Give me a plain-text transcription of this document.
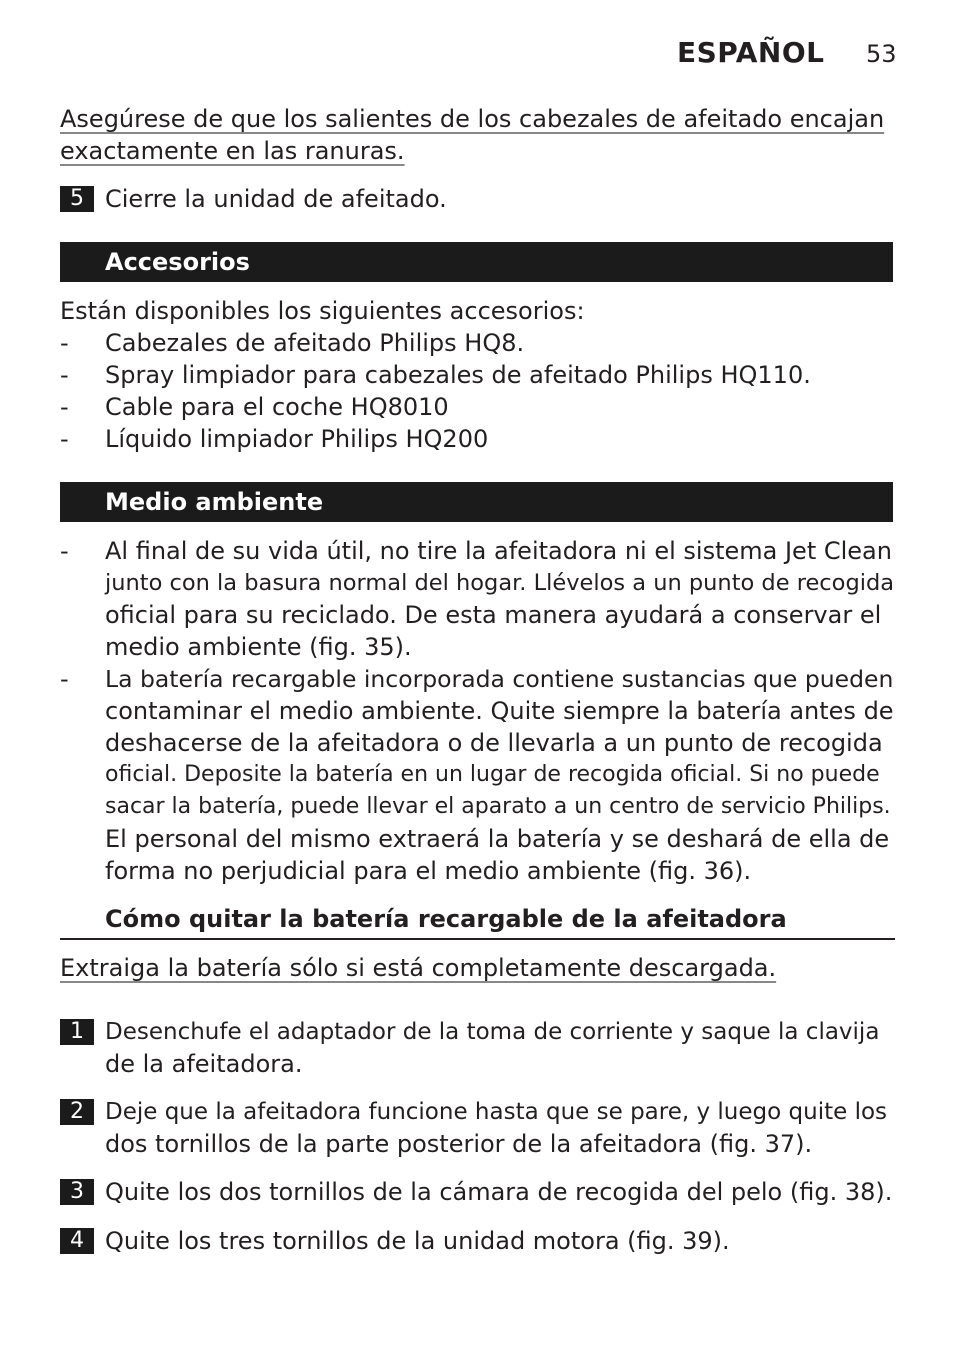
ESPAÑOL 53
Asegúrese de que los salientes de los cabezales de afeitado encajan
exactamente en las ranuras.
5 Cierre la unidad de afeitado.
Accesorios
Están disponibles los siguientes accesorios:
- Cabezales de afeitado Philips HQ8.
- Spray limpiador para cabezales de afeitado Philips HQ110.
- Cable para el coche HQ8010
- Líquido limpiador Philips HQ200
Medio ambiente
- Al final de su vida útil, no tire la afeitadora ni el sistema Jet Clean
junto con la basura normal del hogar. Llévelos a un punto de recogida
oficial para su reciclado. De esta manera ayudará a conservar el
medio ambiente (fig. 35).
- La batería recargable incorporada contiene sustancias que pueden
contaminar el medio ambiente. Quite siempre la batería antes de
deshacerse de la afeitadora o de llevarla a un punto de recogida
oficial. Deposite la batería en un lugar de recogida oficial. Si no puede
sacar la batería, puede llevar el aparato a un centro de servicio Philips.
El personal del mismo extraerá la batería y se deshará de ella de
forma no perjudicial para el medio ambiente (fig. 36).
Cómo quitar la batería recargable de la afeitadora
Extraiga la batería sólo si está completamente descargada.
1 Desenchufe el adaptador de la toma de corriente y saque la clavija
de la afeitadora.
2 Deje que la afeitadora funcione hasta que se pare, y luego quite los
dos tornillos de la parte posterior de la afeitadora (fig. 37).
3 Quite los dos tornillos de la cámara de recogida del pelo (fig. 38).
4 Quite los tres tornillos de la unidad motora (fig. 39).
